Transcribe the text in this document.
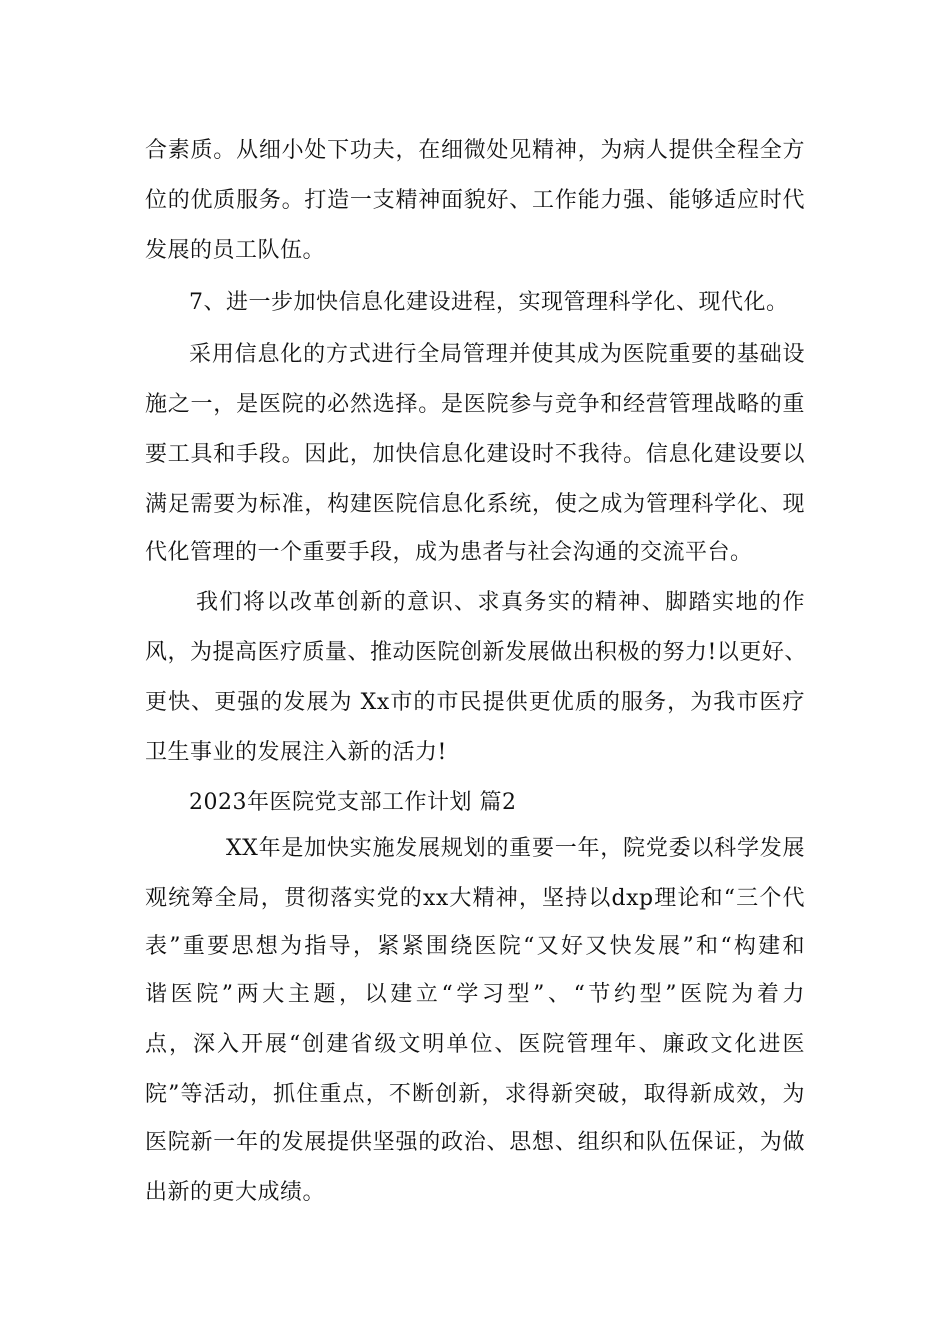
合素质。从细小处下功夫，在细微处见精神，为病人提供全程全方
位的优质服务。打造一支精神面貌好、工作能力强、能够适应时代
发展的员工队伍。
7、进一步加快信息化建设进程，实现管理科学化、现代化。
采用信息化的方式进行全局管理并使其成为医院重要的基础设
施之一，是医院的必然选择。是医院参与竞争和经营管理战略的重
要工具和手段。因此，加快信息化建设时不我待。信息化建设要以
满足需要为标准，构建医院信息化系统，使之成为管理科学化、现
代化管理的一个重要手段，成为患者与社会沟通的交流平台。
我们将以改革创新的意识、求真务实的精神、脚踏实地的作
风，为提高医疗质量、推动医院创新发展做出积极的努力!以更好、
更快、更强的发展为 Xx市的市民提供更优质的服务，为我市医疗
卫生事业的发展注入新的活力!
2023年医院党支部工作计划 篇2
XX年是加快实施发展规划的重要一年，院党委以科学发展
观统筹全局，贯彻落实党的xx大精神，坚持以dxp理论和“三个代
表”重要思想为指导，紧紧围绕医院“又好又快发展”和“构建和
谐医院”两大主题，以建立“学习型”、“节约型”医院为着力
点，深入开展“创建省级文明单位、医院管理年、廉政文化进医
院”等活动，抓住重点，不断创新，求得新突破，取得新成效，为
医院新一年的发展提供坚强的政治、思想、组织和队伍保证，为做
出新的更大成绩。
